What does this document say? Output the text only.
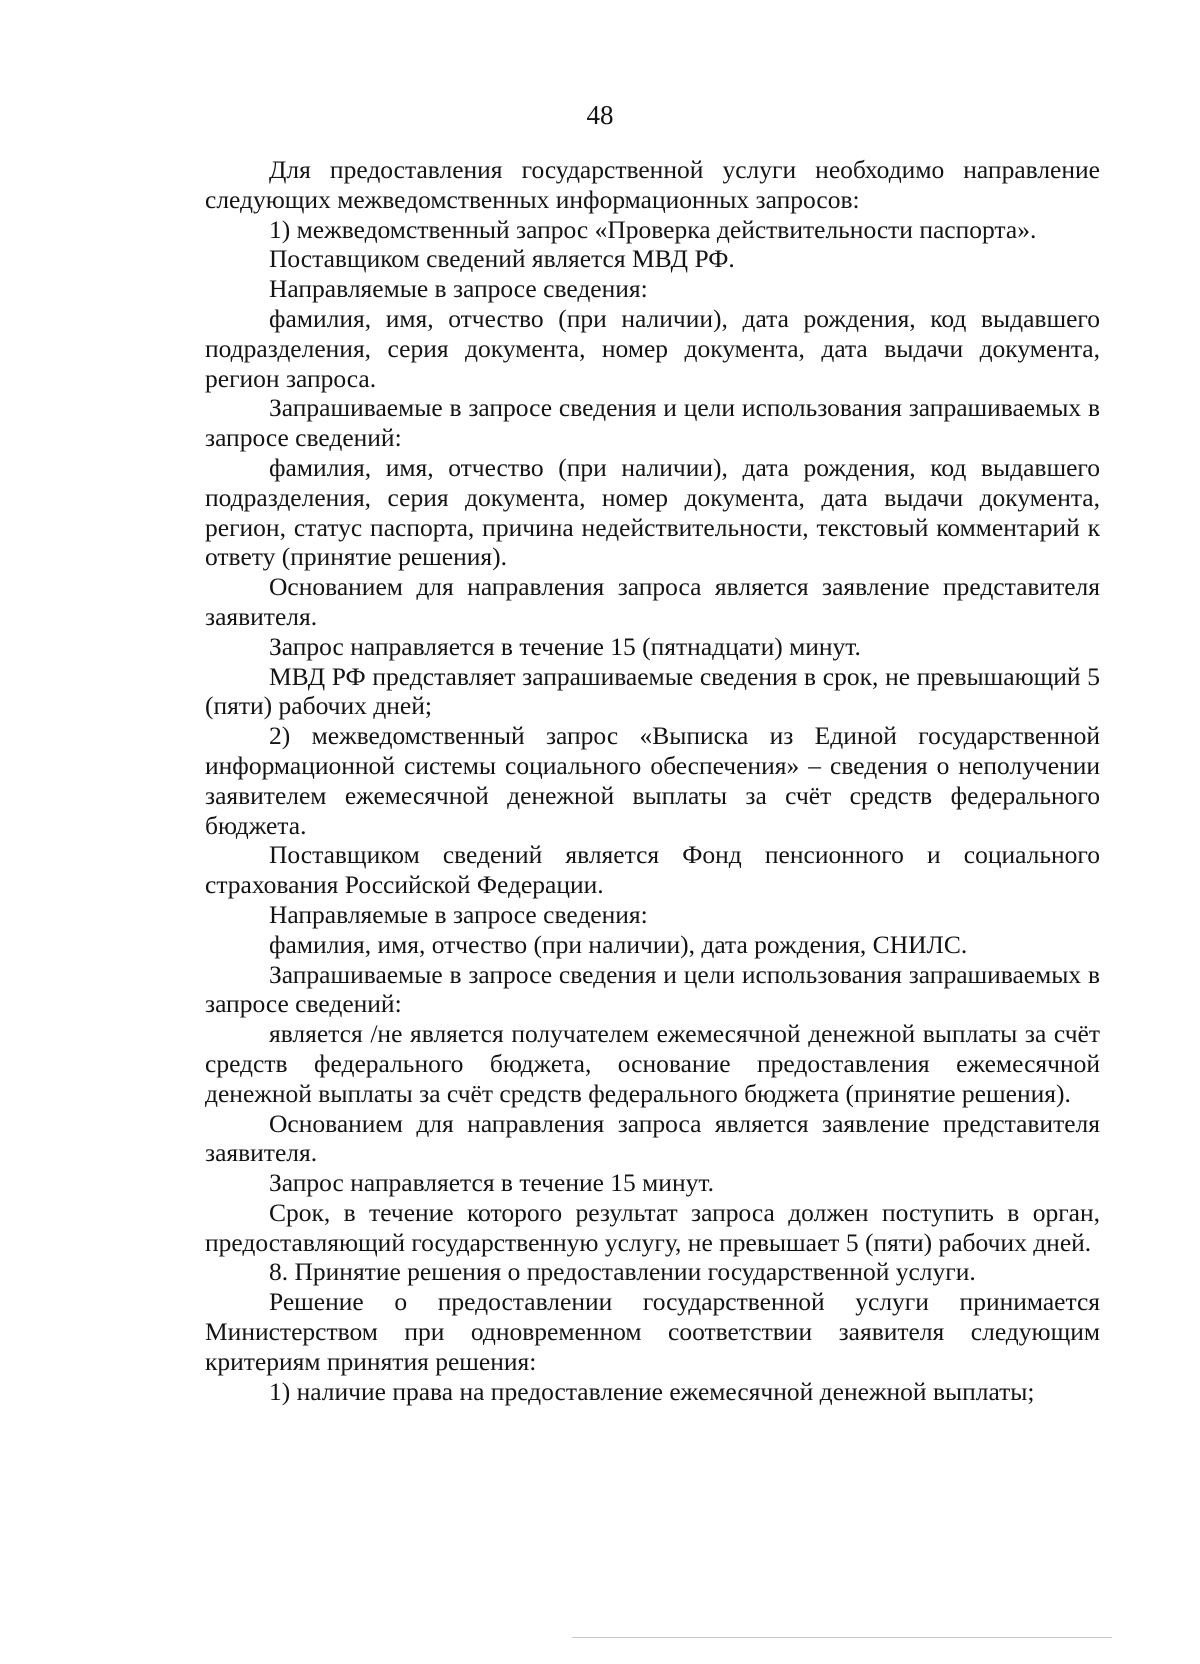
48

Для предоставления государственной услуги необходимо направление следующих межведомственных информационных запросов:

1) межведомственный запрос «Проверка действительности паспорта».

Поставщиком сведений является МВД РФ.

Направляемые в запросе сведения:

фамилия, имя, отчество (при наличии), дата рождения, код выдавшего подразделения, серия документа, номер документа, дата выдачи документа, регион запроса.

Запрашиваемые в запросе сведения и цели использования запрашиваемых в запросе сведений:

фамилия, имя, отчество (при наличии), дата рождения, код выдавшего подразделения, серия документа, номер документа, дата выдачи документа, регион, статус паспорта, причина недействительности, текстовый комментарий к ответу (принятие решения).

Основанием для направления запроса является заявление представителя заявителя.

Запрос направляется в течение 15 (пятнадцати) минут.

МВД РФ представляет запрашиваемые сведения в срок, не превышающий 5 (пяти) рабочих дней;

2) межведомственный запрос «Выписка из Единой государственной информационной системы социального обеспечения» – сведения о неполучении заявителем ежемесячной денежной выплаты за счёт средств федерального бюджета.

Поставщиком сведений является Фонд пенсионного и социального страхования Российской Федерации.

Направляемые в запросе сведения:

фамилия, имя, отчество (при наличии), дата рождения, СНИЛС.

Запрашиваемые в запросе сведения и цели использования запрашиваемых в запросе сведений:

является /не является получателем ежемесячной денежной выплаты за счёт средств федерального бюджета, основание предоставления ежемесячной денежной выплаты за счёт средств федерального бюджета (принятие решения).

Основанием для направления запроса является заявление представителя заявителя.

Запрос направляется в течение 15 минут.

Срок, в течение которого результат запроса должен поступить в орган, предоставляющий государственную услугу, не превышает 5 (пяти) рабочих дней.

8. Принятие решения о предоставлении государственной услуги.

Решение о предоставлении государственной услуги принимается Министерством при одновременном соответствии заявителя следующим критериям принятия решения:

1) наличие права на предоставление ежемесячной денежной выплаты;
